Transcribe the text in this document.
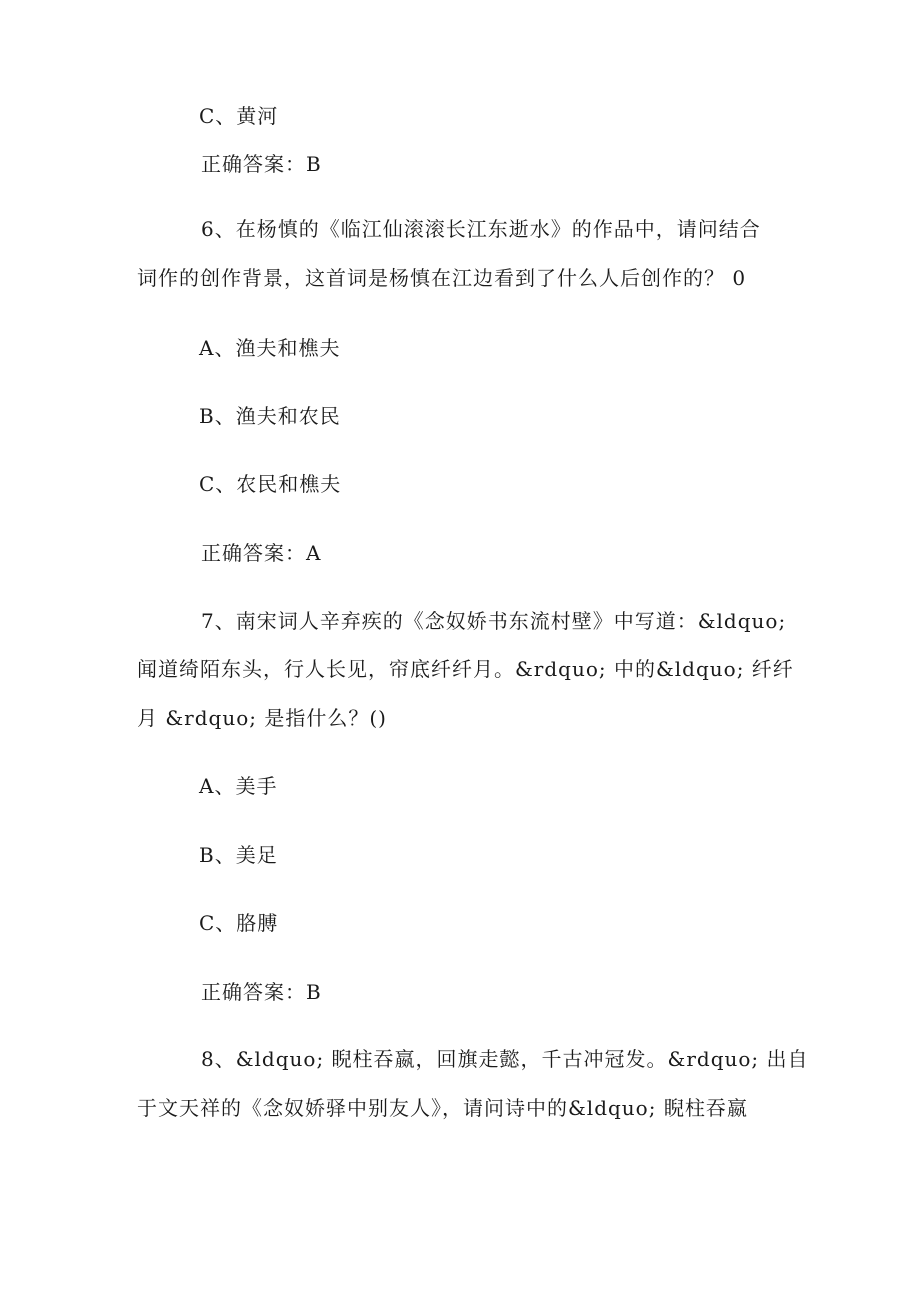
C、黄河
正确答案：B
6、在杨慎的《临江仙滚滚长江东逝水》的作品中，请问结合
词作的创作背景，这首词是杨慎在江边看到了什么人后创作的？ 0
A、渔夫和樵夫
B、渔夫和农民
C、农民和樵夫
正确答案：A
7、南宋词人辛弃疾的《念奴娇书东流村壁》中写道：&ldquo;
闻道绮陌东头，行人长见，帘底纤纤月。&rdquo; 中的&ldquo; 纤纤
月 &rdquo; 是指什么？()
A、美手
B、美足
C、胳膊
正确答案：B
8、&ldquo; 睨柱吞嬴，回旗走懿，千古冲冠发。&rdquo; 出自
于文天祥的《念奴娇驿中别友人》，请问诗中的&ldquo; 睨柱吞嬴
